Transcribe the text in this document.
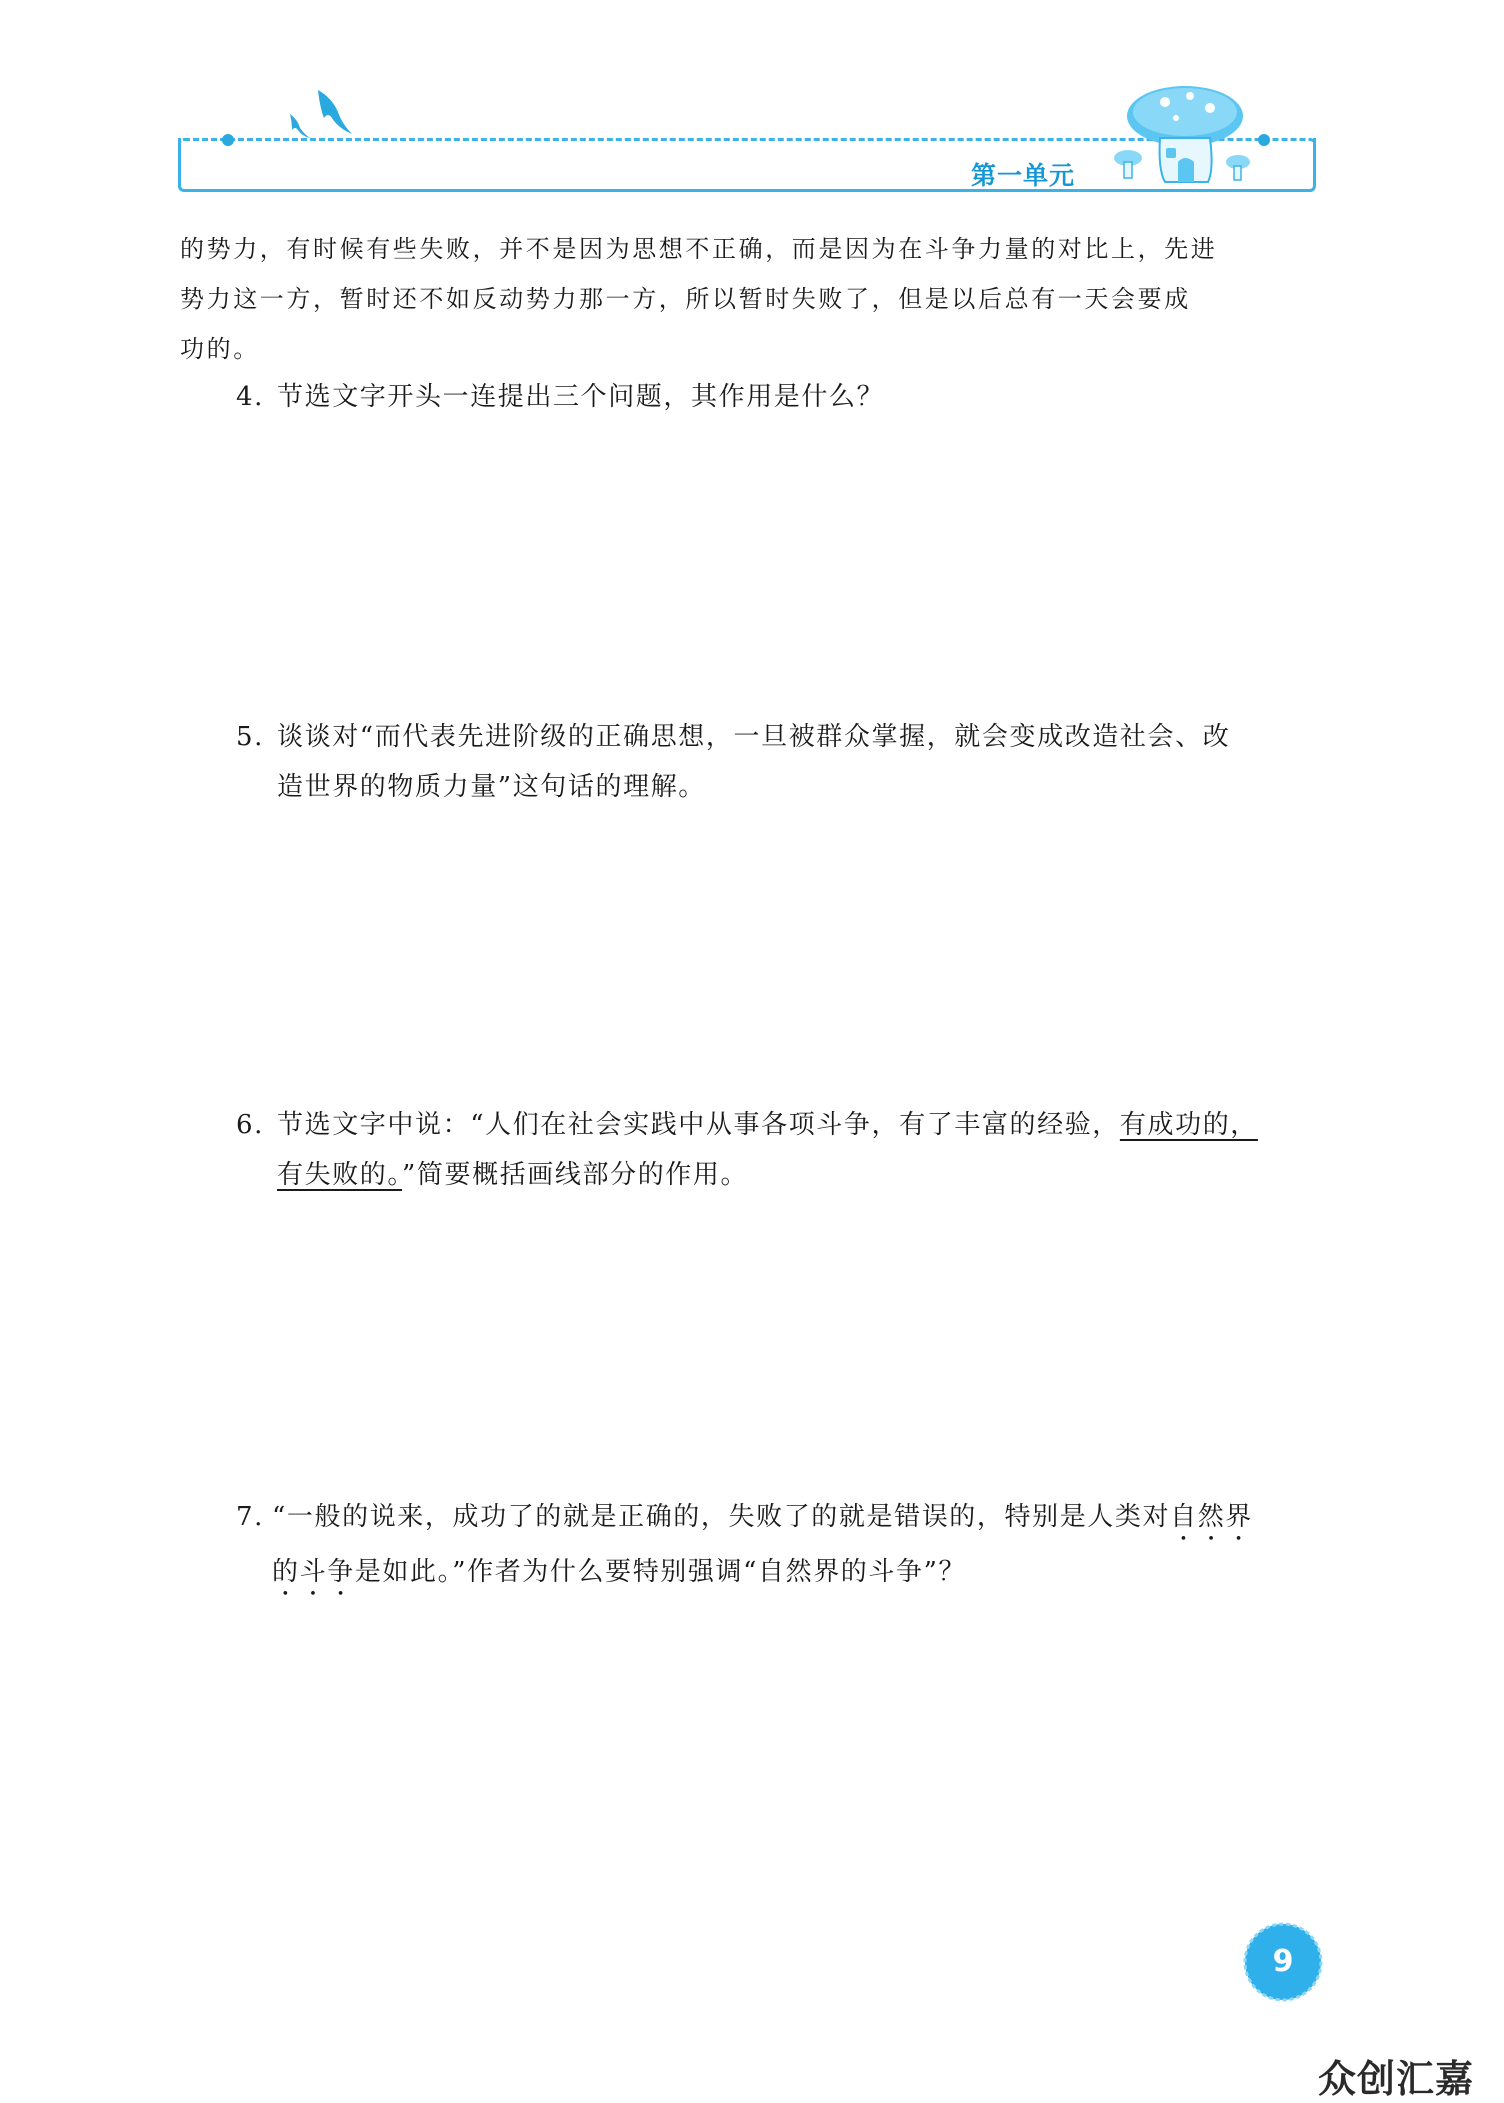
第一单元

的势力，有时候有些失败，并不是因为思想不正确，而是因为在斗争力量的对比上，先进

势力这一方，暂时还不如反动势力那一方，所以暂时失败了，但是以后总有一天会要成

功的。

4. 节选文字开头一连提出三个问题，其作用是什么？
5. 谈谈对“而代表先进阶级的正确思想，一旦被群众掌握，就会变成改造社会、改
造世界的物质力量”这句话的理解。
6. 节选文字中说：“人们在社会实践中从事各项斗争，有了丰富的经验，有成功的，
有失败的。”简要概括画线部分的作用。
7. “一般的说来，成功了的就是正确的，失败了的就是错误的，特别是人类对自然界
的斗争是如此。”作者为什么要特别强调“自然界的斗争”？
9
众创汇嘉
